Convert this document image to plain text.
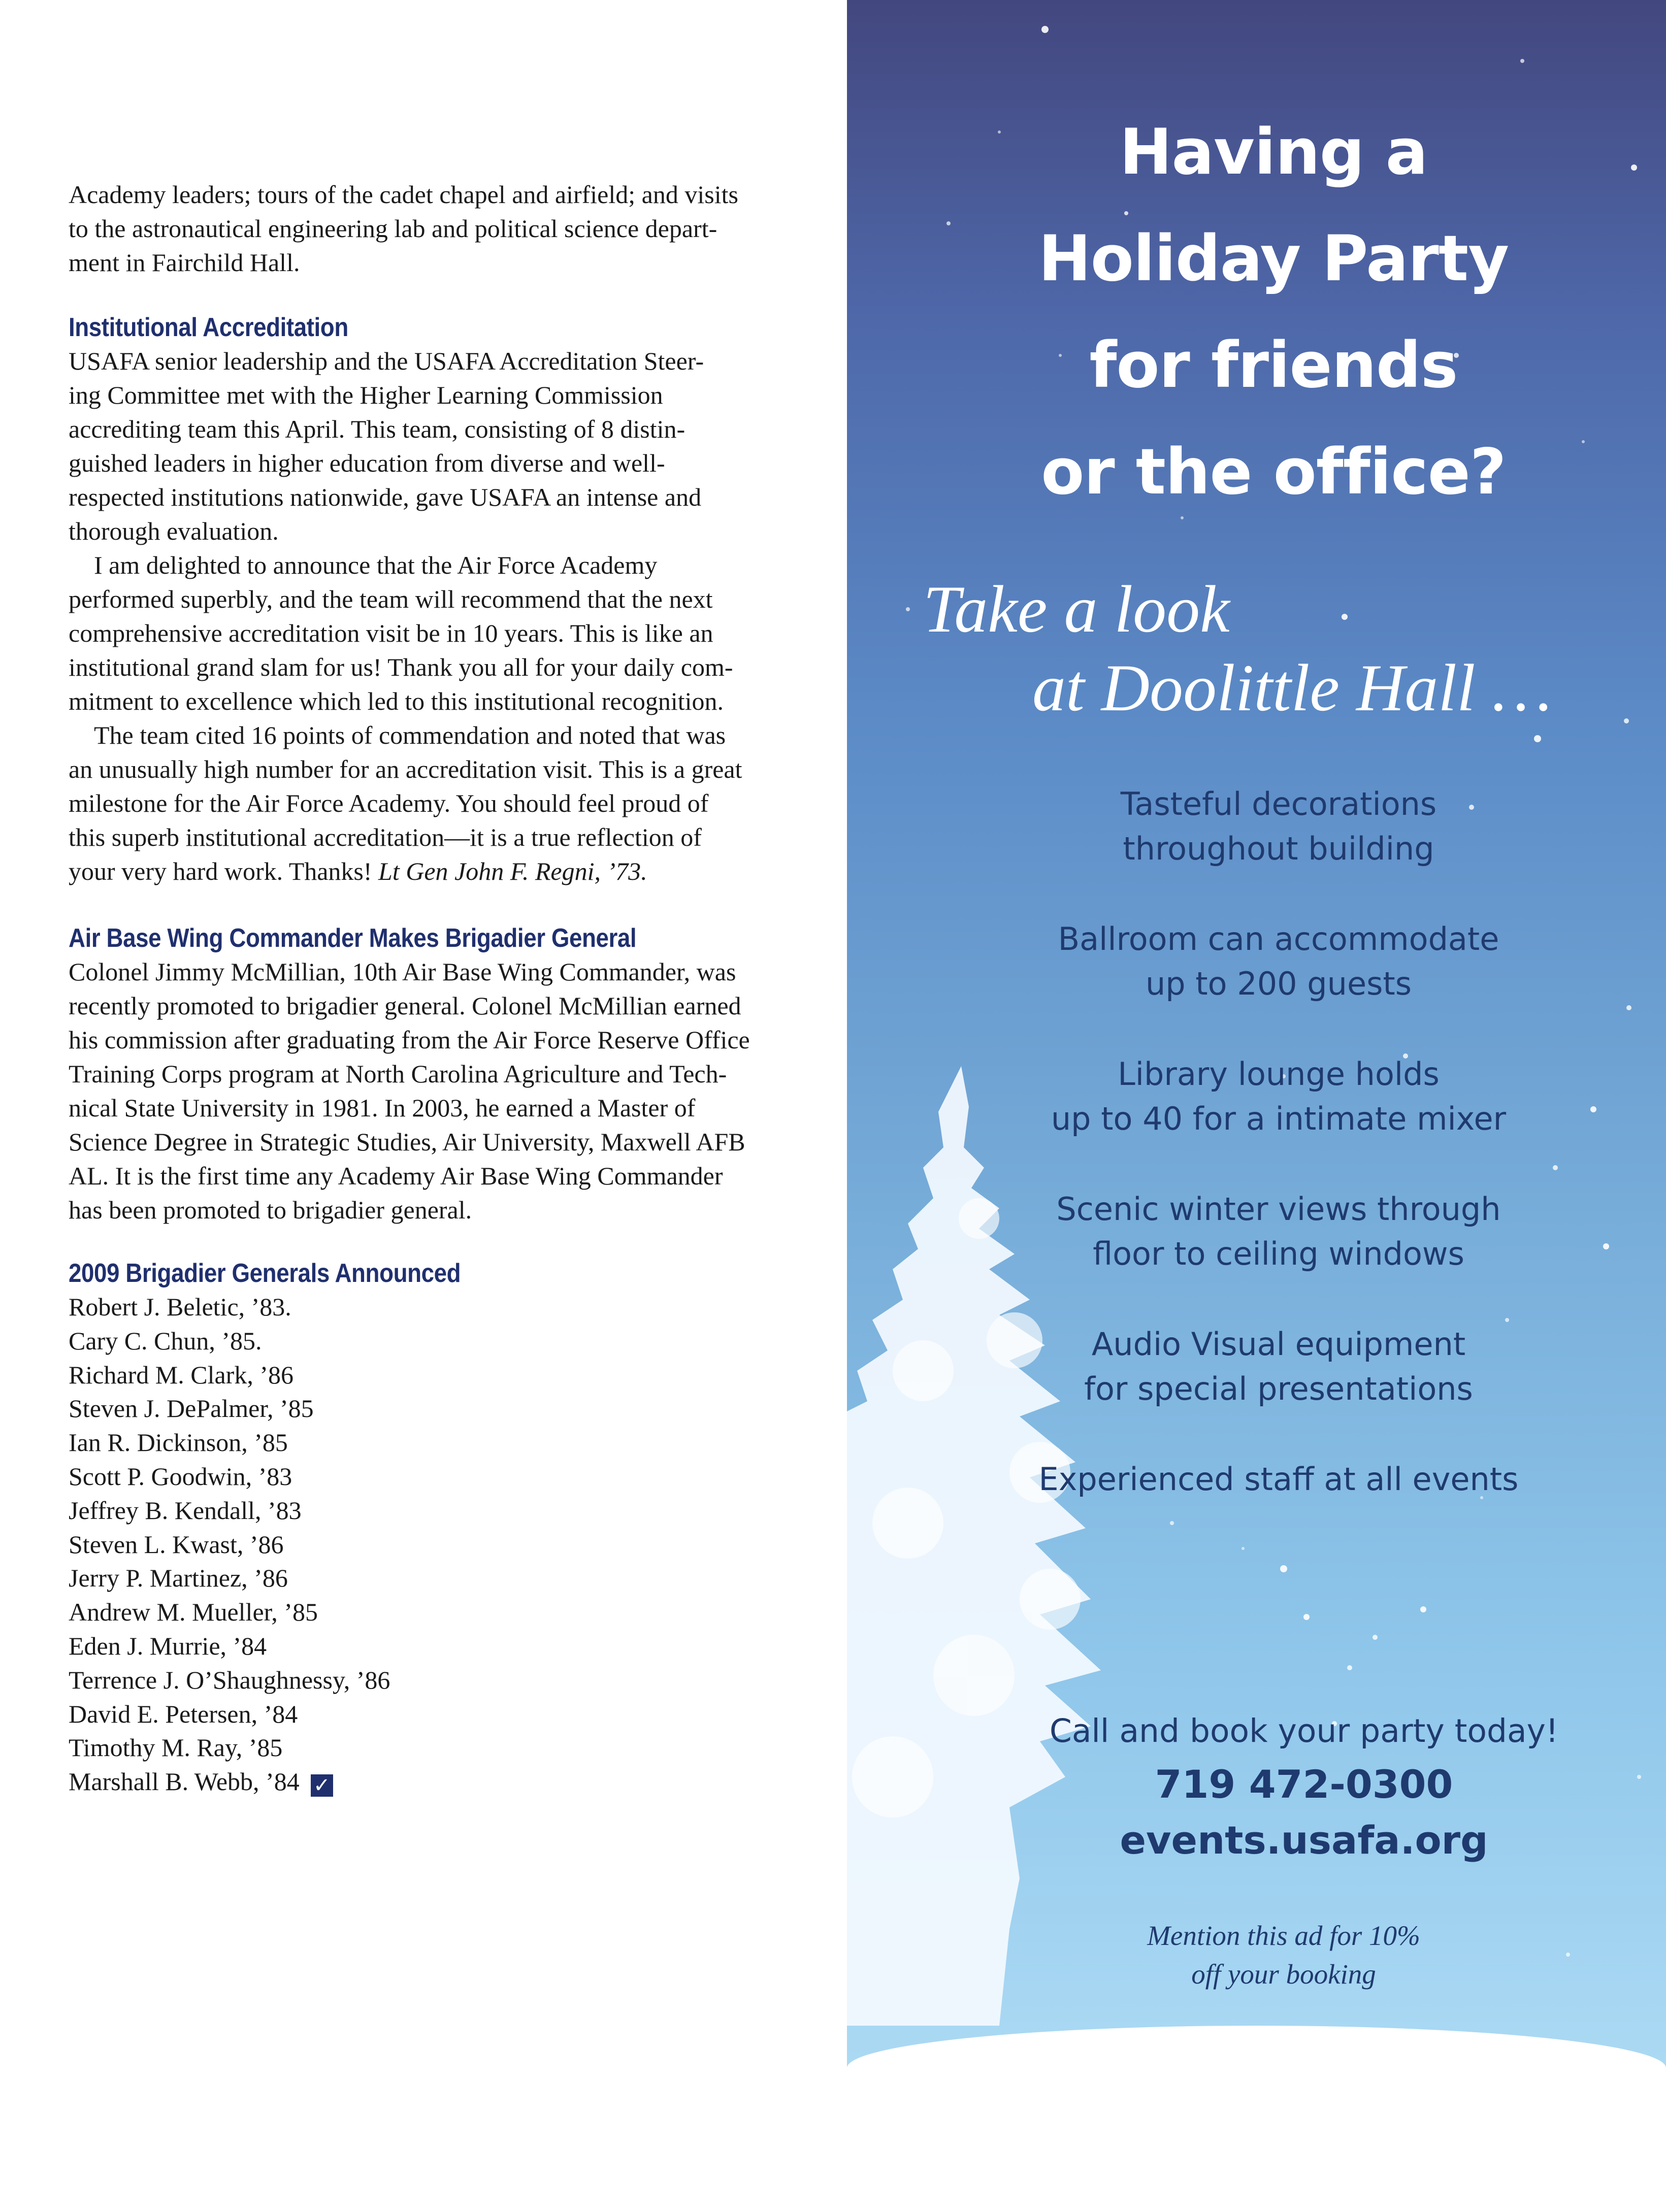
Academy leaders; tours of the cadet chapel and airfield; and visits

to the astronautical engineering lab and political science depart-

ment in Fairchild Hall.

Institutional Accreditation

USAFA senior leadership and the USAFA Accreditation Steer-

ing Committee met with the Higher Learning Commission

accrediting team this April. This team, consisting of 8 distin-

guished leaders in higher education from diverse and well-

respected institutions nationwide, gave USAFA an intense and

thorough evaluation.

I am delighted to announce that the Air Force Academy

performed superbly, and the team will recommend that the next

comprehensive accreditation visit be in 10 years. This is like an

institutional grand slam for us! Thank you all for your daily com-

mitment to excellence which led to this institutional recognition.

The team cited 16 points of commendation and noted that was

an unusually high number for an accreditation visit. This is a great

milestone for the Air Force Academy. You should feel proud of

this superb institutional accreditation—it is a true reflection of

your very hard work. Thanks! Lt Gen John F. Regni, ’73.

Air Base Wing Commander Makes Brigadier General

Colonel Jimmy McMillian, 10th Air Base Wing Commander, was

recently promoted to brigadier general. Colonel McMillian earned

his commission after graduating from the Air Force Reserve Office

Training Corps program at North Carolina Agriculture and Tech-

nical State University in 1981. In 2003, he earned a Master of

Science Degree in Strategic Studies, Air University, Maxwell AFB

AL. It is the first time any Academy Air Base Wing Commander

has been promoted to brigadier general.

2009 Brigadier Generals Announced
Robert J. Beletic, ’83.
Cary C. Chun, ’85.
Richard M. Clark, ’86
Steven J. DePalmer, ’85
Ian R. Dickinson, ’85
Scott P. Goodwin, ’83
Jeffrey B. Kendall, ’83
Steven L. Kwast, ’86
Jerry P. Martinez, ’86
Andrew M. Mueller, ’85
Eden J. Murrie, ’84
Terrence J. O’Shaughnessy, ’86
David E. Petersen, ’84
Timothy M. Ray, ’85
Marshall B. Webb, ’84 ✓
Having a
Holiday Party
for friends
or the office?

Take a look

at Doolittle Hall …

Tasteful decorations
throughout building

Ballroom can accommodate
up to 200 guests

Library lounge holds
up to 40 for a intimate mixer

Scenic winter views through
floor to ceiling windows

Audio Visual equipment
for special presentations

Experienced staff at all events

Call and book your party today!
719 472-0300
events.usafa.org
Mention this ad for 10%
off your booking
